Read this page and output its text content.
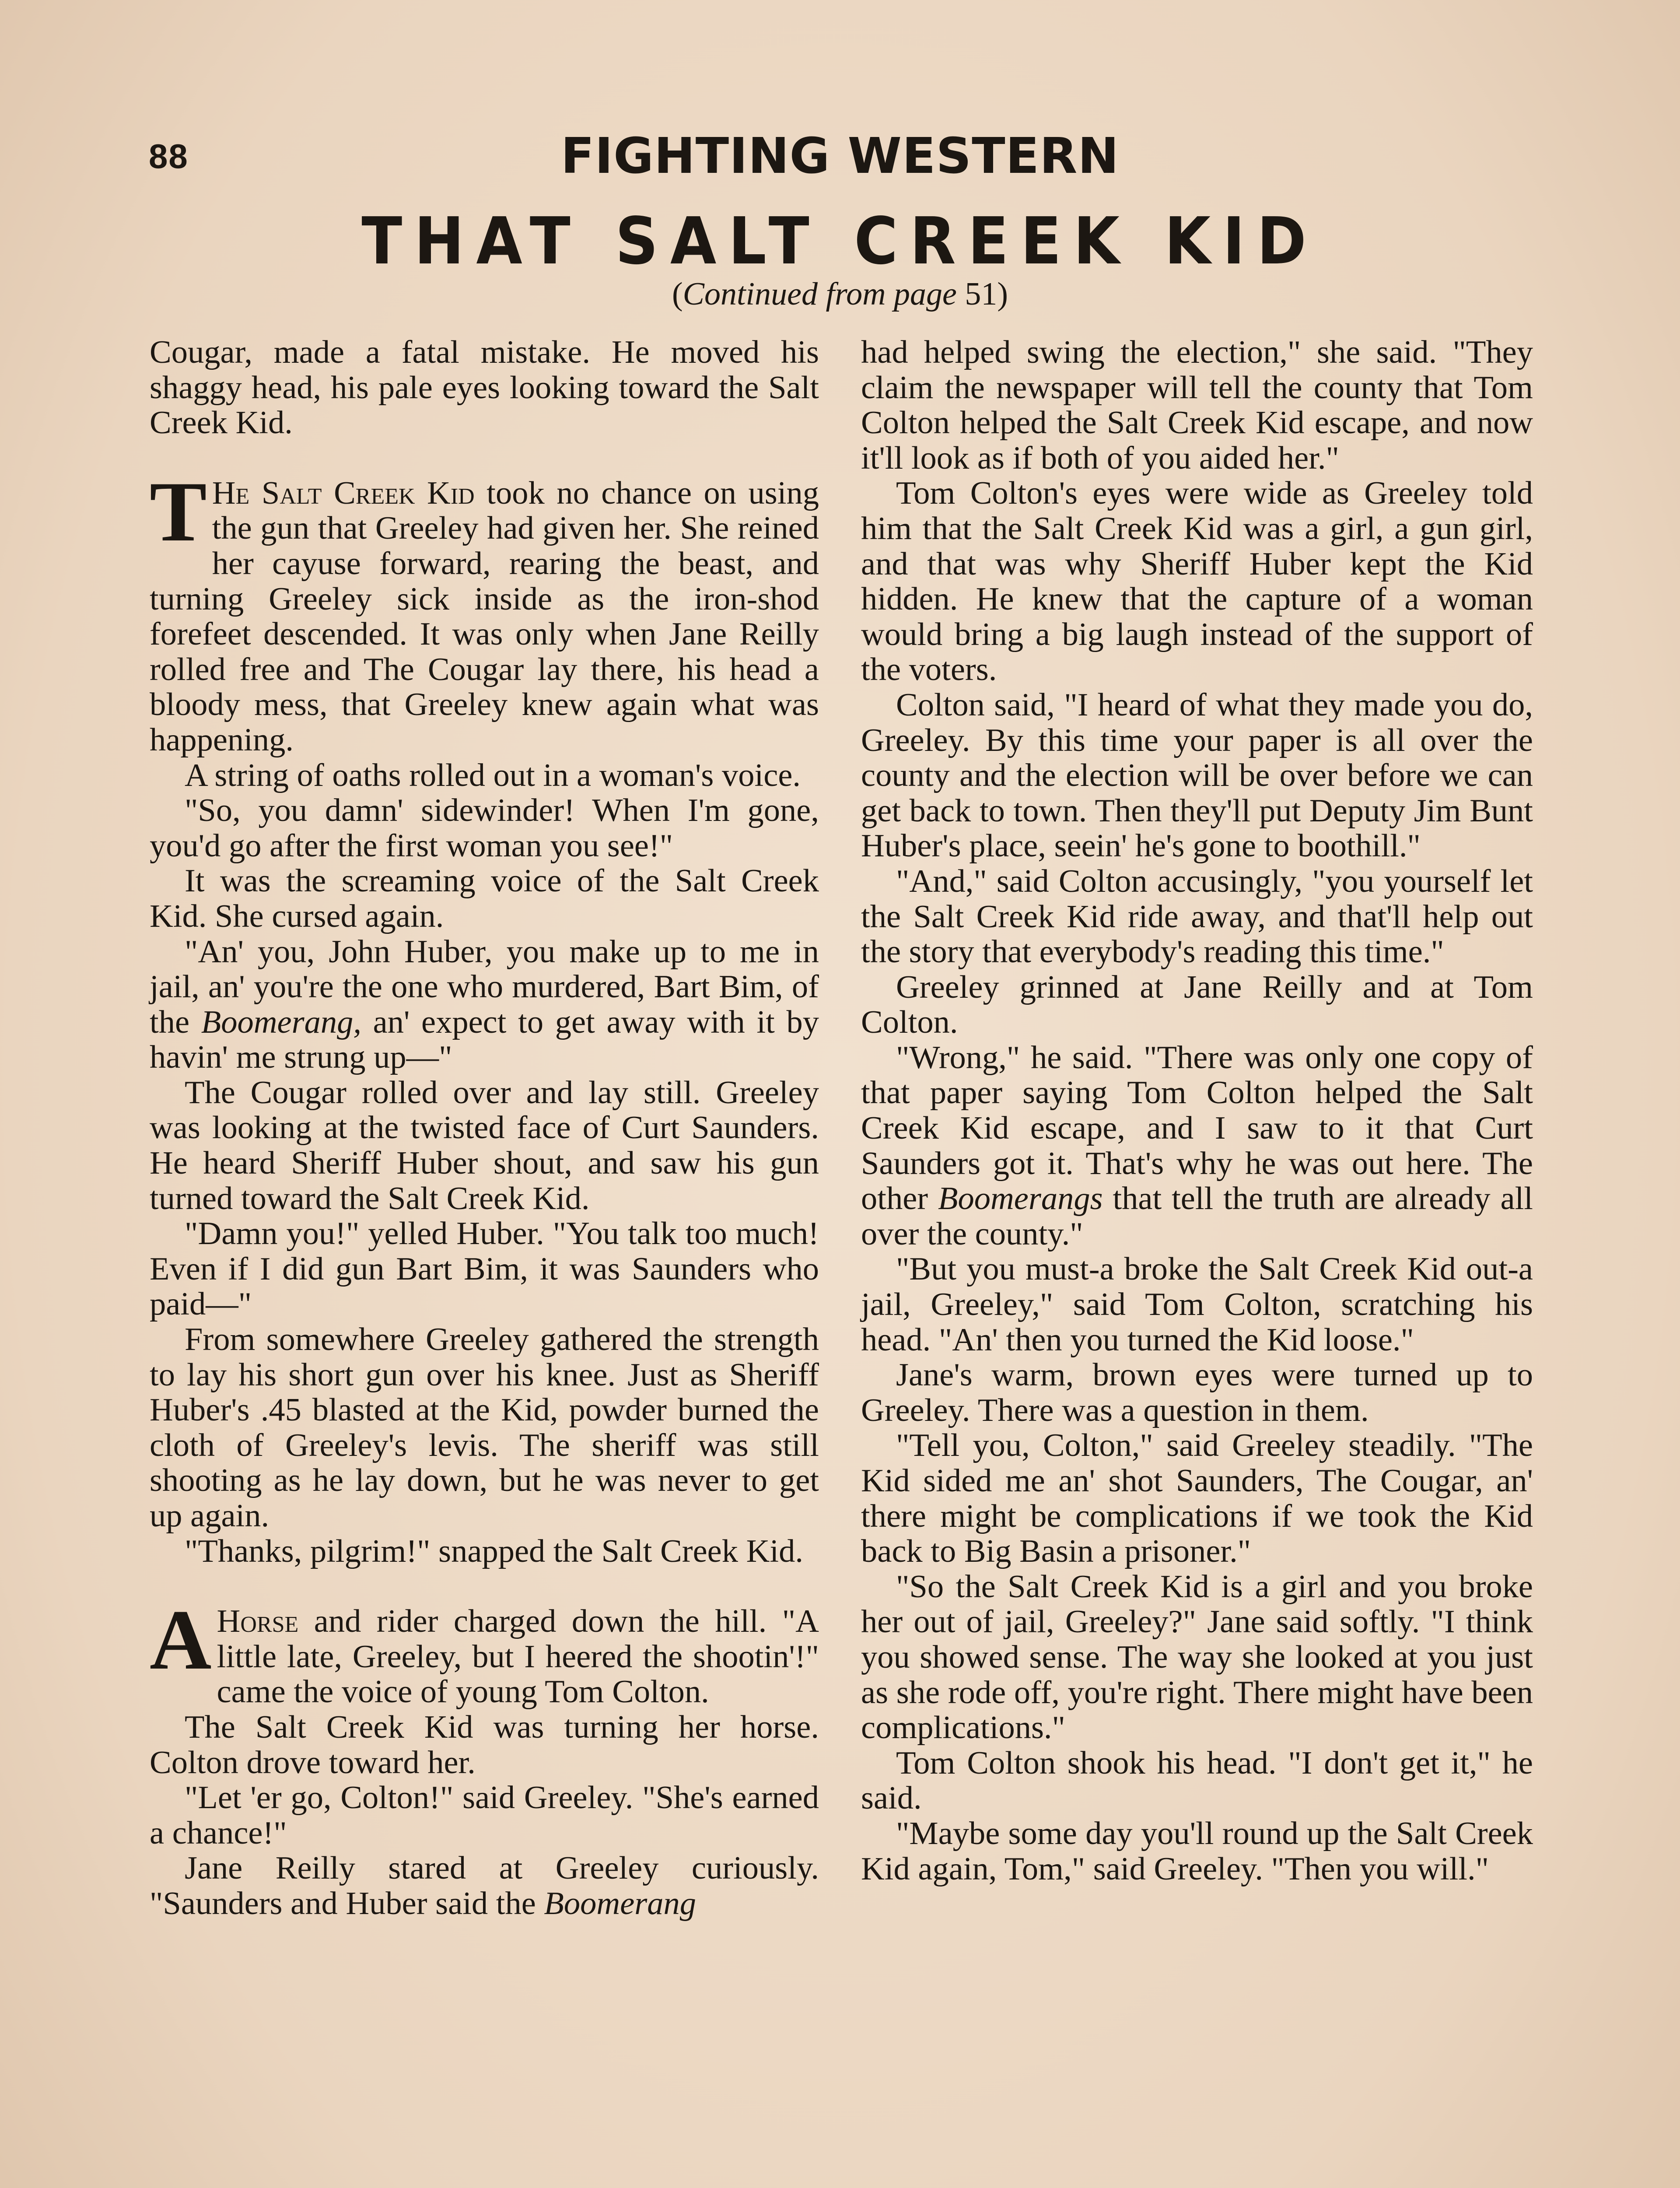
88	FIGHTING WESTERN
THAT SALT CREEK KID
(Continued from page 51)

Cougar, made a fatal mistake. He moved his shaggy head, his pale eyes looking toward the Salt Creek Kid.

T He Salt Creek Kid took no chance on using the gun that Greeley had given her. She reined her cayuse forward, rearing the beast, and turning Greeley sick inside as the iron-shod forefeet descended. It was only when Jane Reilly rolled free and The Cougar lay there, his head a bloody mess, that Greeley knew again what was happening.

A string of oaths rolled out in a woman's voice.

"So, you damn' sidewinder! When I'm gone, you'd go after the first woman you see!"

It was the screaming voice of the Salt Creek Kid. She cursed again.

"An' you, John Huber, you make up to me in jail, an' you're the one who murdered, Bart Bim, of the Boomerang, an' expect to get away with it by havin' me strung up—"

The Cougar rolled over and lay still. Greeley was looking at the twisted face of Curt Saunders. He heard Sheriff Huber shout, and saw his gun turned toward the Salt Creek Kid.

"Damn you!" yelled Huber. "You talk too much! Even if I did gun Bart Bim, it was Saunders who paid—"

From somewhere Greeley gathered the strength to lay his short gun over his knee. Just as Sheriff Huber's .45 blasted at the Kid, powder burned the cloth of Greeley's levis. The sheriff was still shooting as he lay down, but he was never to get up again.

"Thanks, pilgrim!" snapped the Salt Creek Kid.

A Horse and rider charged down the hill. "A little late, Greeley, but I heered the shootin'!" came the voice of young Tom Colton.

The Salt Creek Kid was turning her horse. Colton drove toward her.

"Let 'er go, Colton!" said Greeley. "She's earned a chance!"

Jane Reilly stared at Greeley curiously. "Saunders and Huber said the Boomerang

had helped swing the election," she said. "They claim the newspaper will tell the county that Tom Colton helped the Salt Creek Kid escape, and now it'll look as if both of you aided her."

Tom Colton's eyes were wide as Greeley told him that the Salt Creek Kid was a girl, a gun girl, and that was why Sheriff Huber kept the Kid hidden. He knew that the capture of a woman would bring a big laugh instead of the support of the voters.

Colton said, "I heard of what they made you do, Greeley. By this time your paper is all over the county and the election will be over before we can get back to town. Then they'll put Deputy Jim Bunt Huber's place, seein' he's gone to boothill."

"And," said Colton accusingly, "you yourself let the Salt Creek Kid ride away, and that'll help out the story that everybody's reading this time."

Greeley grinned at Jane Reilly and at Tom Colton.

"Wrong," he said. "There was only one copy of that paper saying Tom Colton helped the Salt Creek Kid escape, and I saw to it that Curt Saunders got it. That's why he was out here. The other Boomerangs that tell the truth are already all over the county."

"But you must-a broke the Salt Creek Kid out-a jail, Greeley," said Tom Colton, scratching his head. "An' then you turned the Kid loose."

Jane's warm, brown eyes were turned up to Greeley. There was a question in them.

"Tell you, Colton," said Greeley steadily. "The Kid sided me an' shot Saunders, The Cougar, an' there might be complications if we took the Kid back to Big Basin a prisoner."

"So the Salt Creek Kid is a girl and you broke her out of jail, Greeley?" Jane said softly. "I think you showed sense. The way she looked at you just as she rode off, you're right. There might have been complications."

Tom Colton shook his head. "I don't get it," he said.

"Maybe some day you'll round up the Salt Creek Kid again, Tom," said Greeley. "Then you will."
